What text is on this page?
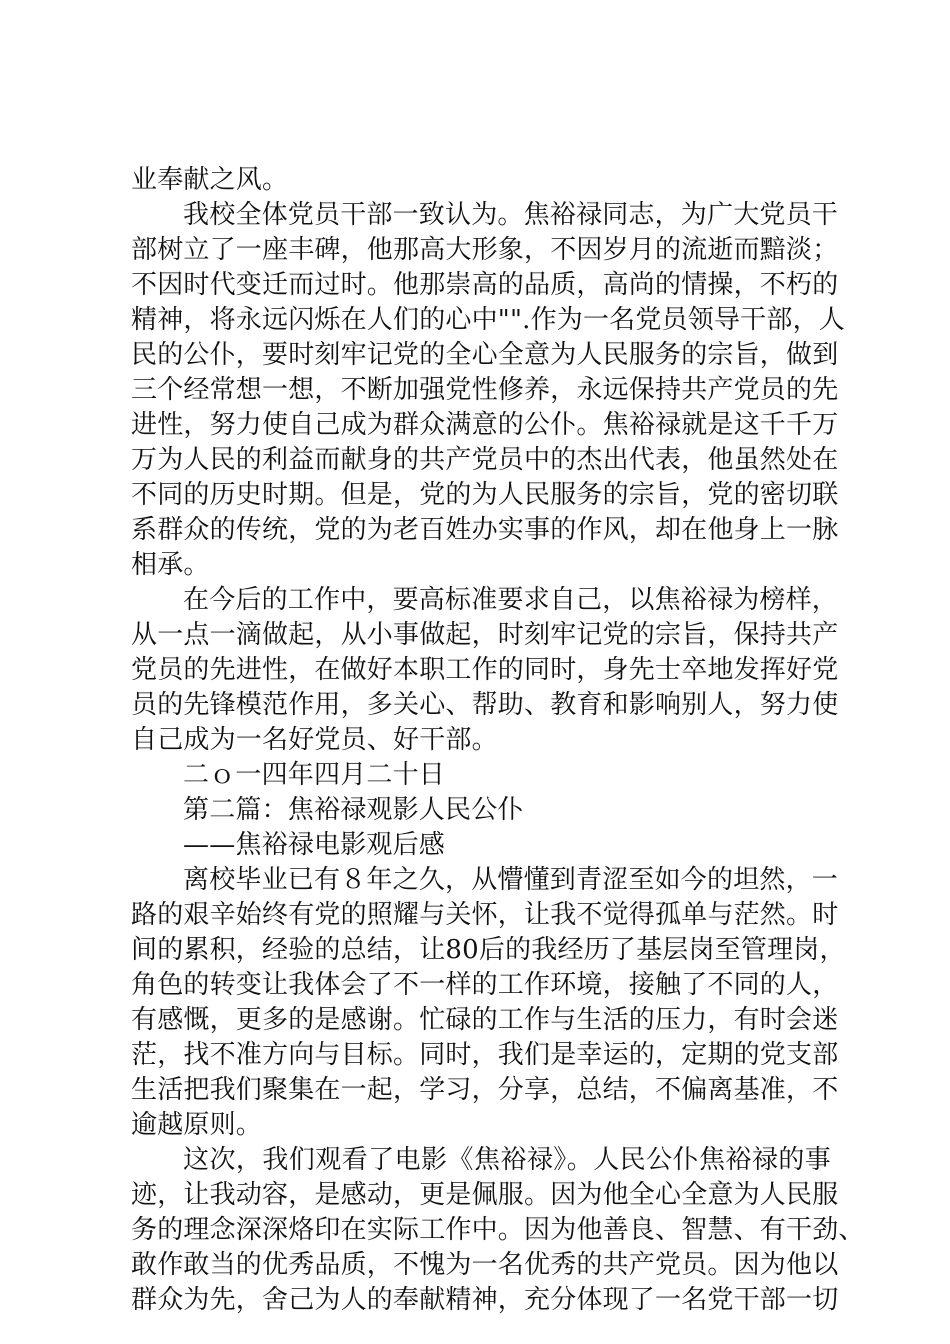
业奉献之风。
我校全体党员干部一致认为。焦裕禄同志，为广大党员干
部树立了一座丰碑，他那高大形象，不因岁月的流逝而黯淡；
不因时代变迁而过时。他那崇高的品质，高尚的情操，不朽的
精神，将永远闪烁在人们的心中"".作为一名党员领导干部，人
民的公仆，要时刻牢记党的全心全意为人民服务的宗旨，做到
三个经常想一想，不断加强党性修养，永远保持共产党员的先
进性，努力使自己成为群众满意的公仆。焦裕禄就是这千千万
万为人民的利益而献身的共产党员中的杰出代表，他虽然处在
不同的历史时期。但是，党的为人民服务的宗旨，党的密切联
系群众的传统，党的为老百姓办实事的作风，却在他身上一脉
相承。
在今后的工作中，要高标准要求自己，以焦裕禄为榜样，
从一点一滴做起，从小事做起，时刻牢记党的宗旨，保持共产
党员的先进性，在做好本职工作的同时，身先士卒地发挥好党
员的先锋模范作用，多关心、帮助、教育和影响别人，努力使
自己成为一名好党员、好干部。
二ｏ一四年四月二十日
第二篇：焦裕禄观影人民公仆
——焦裕禄电影观后感
离校毕业已有８年之久，从懵懂到青涩至如今的坦然，一
路的艰辛始终有党的照耀与关怀，让我不觉得孤单与茫然。时
间的累积，经验的总结，让80后的我经历了基层岗至管理岗，
角色的转变让我体会了不一样的工作环境，接触了不同的人，
有感慨，更多的是感谢。忙碌的工作与生活的压力，有时会迷
茫，找不准方向与目标。同时，我们是幸运的，定期的党支部
生活把我们聚集在一起，学习，分享，总结，不偏离基准，不
逾越原则。
这次，我们观看了电影《焦裕禄》。人民公仆焦裕禄的事
迹，让我动容，是感动，更是佩服。因为他全心全意为人民服
务的理念深深烙印在实际工作中。因为他善良、智慧、有干劲、
敢作敢当的优秀品质，不愧为一名优秀的共产党员。因为他以
群众为先，舍己为人的奉献精神，充分体现了一名党干部一切
